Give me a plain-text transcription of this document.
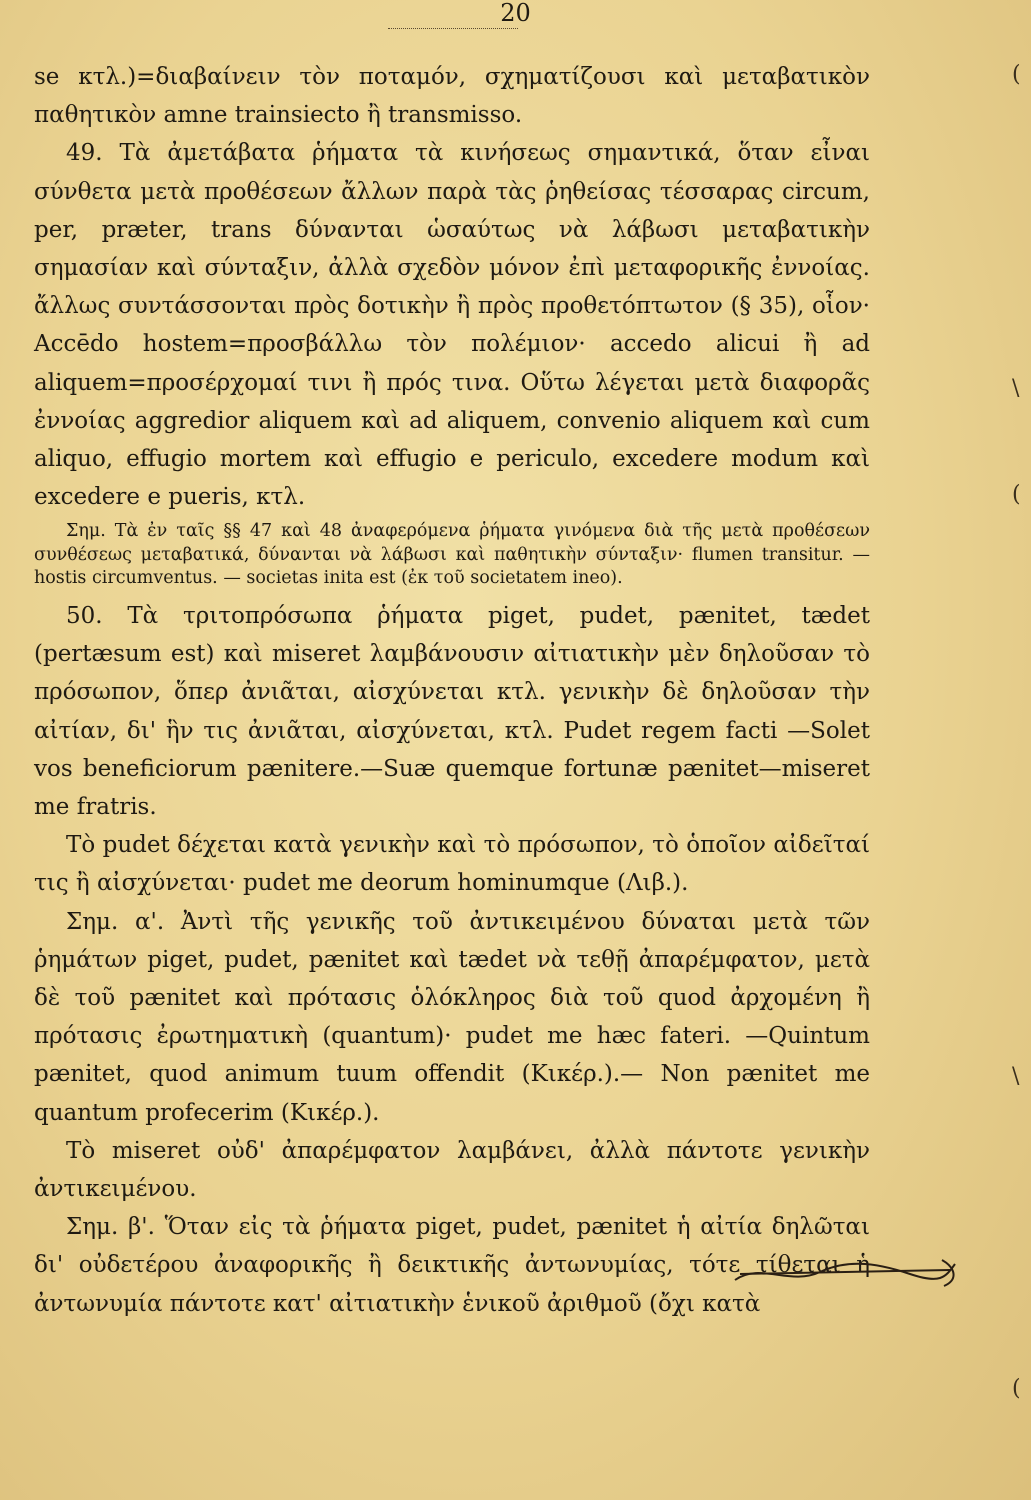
20

se κτλ.)=διαβαίνειν τὸν ποταμόν, σχηματίζουσι καὶ μεταβατικὸν παθητικὸν amne trainsiecto ἢ transmisso.

49. Τὰ ἀμετάβατα ῥήματα τὰ κινήσεως σημαντικά, ὅταν εἶναι σύνθετα μετὰ προθέσεων ἄλλων παρὰ τὰς ῥηθείσας τέσσαρας circum, per, præter, trans δύνανται ὡσαύτως νὰ λάβωσι μεταβατικὴν σημασίαν καὶ σύνταξιν, ἀλλὰ σχεδὸν μόνον ἐπὶ μεταφορικῆς ἐννοίας. ἄλλως συντάσσονται πρὸς δοτικὴν ἢ πρὸς προθετόπτωτον (§ 35), οἷον· Accēdo hostem=προσβάλλω τὸν πολέμιον· accedo alicui ἢ ad aliquem=προσέρχομαί τινι ἢ πρός τινα. Οὕτω λέγεται μετὰ διαφορᾶς ἐννοίας aggredior aliquem καὶ ad aliquem, convenio aliquem καὶ cum aliquo, effugio mortem καὶ effugio e periculo, excedere modum καὶ excedere e pueris, κτλ.

Σημ. Τὰ ἐν ταῖς §§ 47 καὶ 48 ἀναφερόμενα ῥήματα γινόμενα διὰ τῆς μετὰ προθέσεων συνθέσεως μεταβατικά, δύνανται νὰ λάβωσι καὶ παθητικὴν σύνταξιν· flumen transitur. — hostis circumventus. — societas inita est (ἐκ τοῦ societatem ineo).

50. Τὰ τριτοπρόσωπα ῥήματα piget, pudet, pænitet, tædet (pertæsum est) καὶ miseret λαμβάνουσιν αἰτιατικὴν μὲν δηλοῦσαν τὸ πρόσωπον, ὅπερ ἀνιᾶται, αἰσχύνεται κτλ. γενικὴν δὲ δηλοῦσαν τὴν αἰτίαν, δι' ἣν τις ἀνιᾶται, αἰσχύνεται, κτλ. Pudet regem facti —Solet vos beneficiorum pænitere.—Suæ quemque fortunæ pænitet—miseret me fratris.

Τὸ pudet δέχεται κατὰ γενικὴν καὶ τὸ πρόσωπον, τὸ ὁποῖον αἰδεῖταί τις ἢ αἰσχύνεται· pudet me deorum hominumque (Λιβ.).

Σημ. α'. Ἀντὶ τῆς γενικῆς τοῦ ἀντικειμένου δύναται μετὰ τῶν ῥημάτων piget, pudet, pænitet καὶ tædet νὰ τεθῇ ἀπαρέμφατον, μετὰ δὲ τοῦ pænitet καὶ πρότασις ὁλόκληρος διὰ τοῦ quod ἀρχομένη ἢ πρότασις ἐρωτηματικὴ (quantum)· pudet me hæc fateri. —Quintum pænitet, quod animum tuum offendit (Κικέρ.).— Non pænitet me quantum profecerim (Κικέρ.).

Τὸ miseret οὐδ' ἀπαρέμφατον λαμβάνει, ἀλλὰ πάντοτε γενικὴν ἀντικειμένου.

Σημ. β'. Ὅταν εἰς τὰ ῥήματα piget, pudet, pænitet ἡ αἰτία δηλῶται δι' οὐδετέρου ἀναφορικῆς ἢ δεικτικῆς ἀντωνυμίας, τότε τίθεται ἡ ἀντωνυμία πάντοτε κατ' αἰτιατικὴν ἑνικοῦ ἀριθμοῦ (ὄχι κατὰ

(
\
(
\
(
